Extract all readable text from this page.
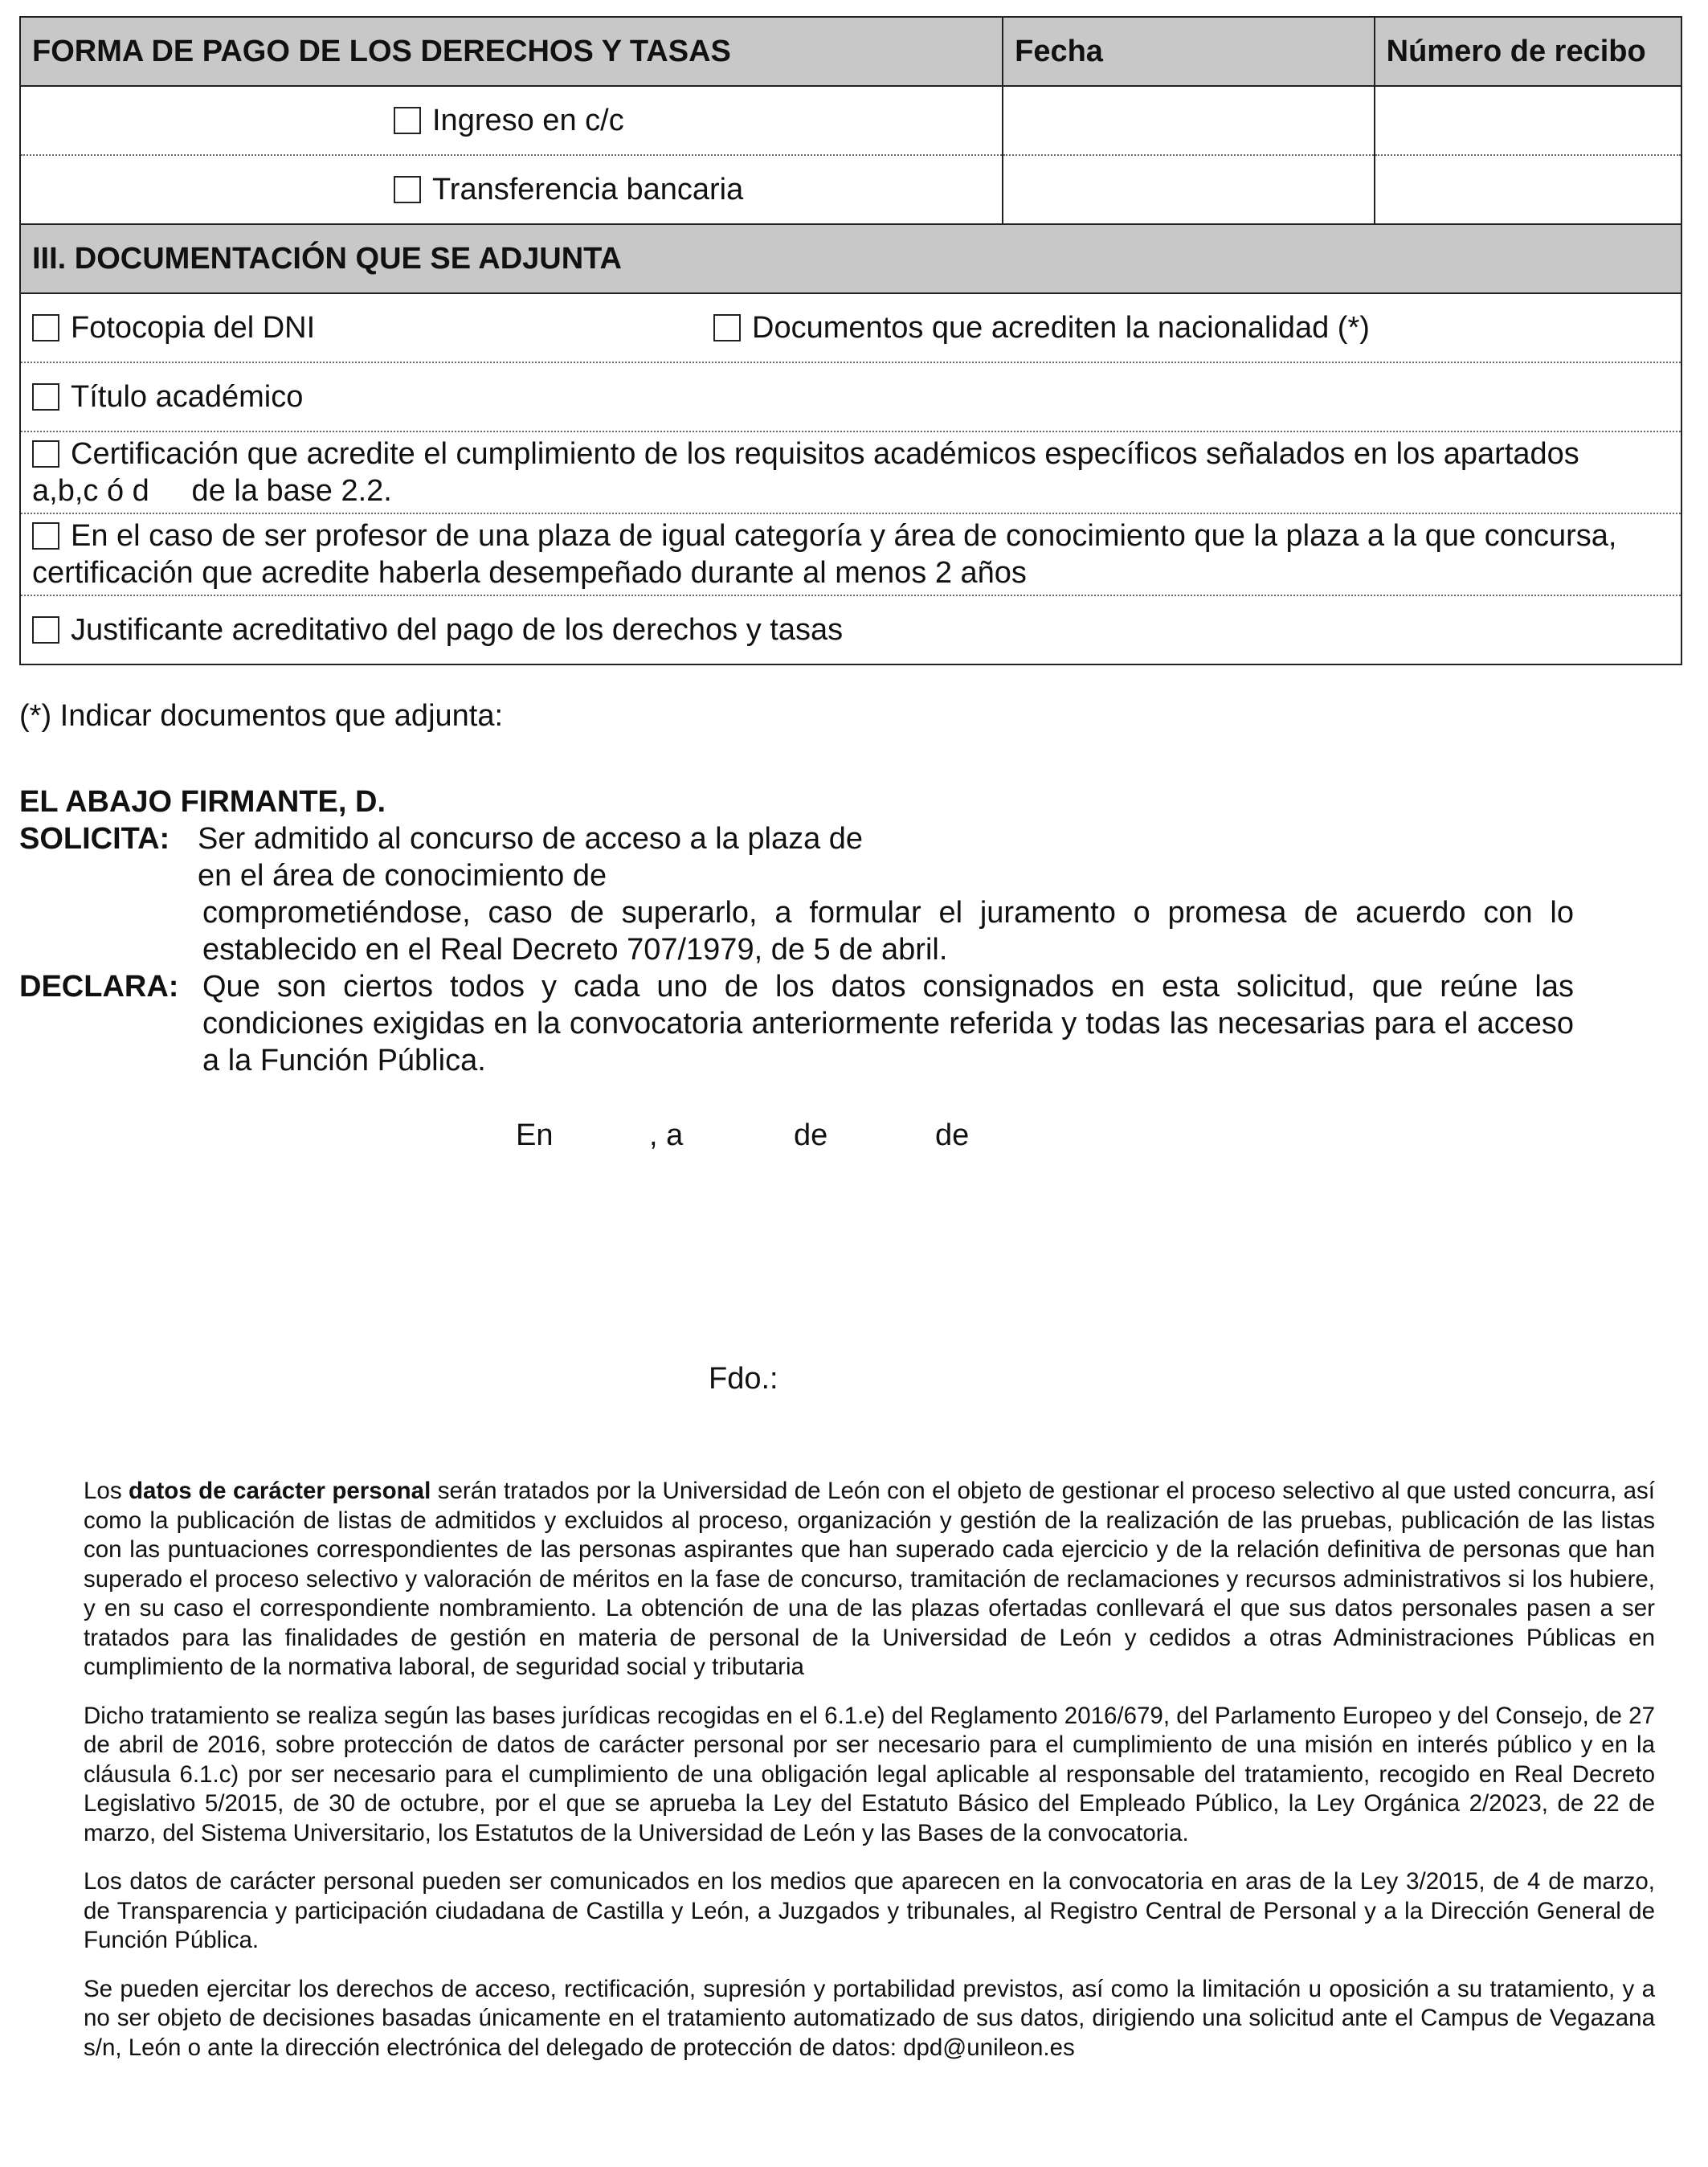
FORMA DE PAGO DE LOS DERECHOS Y TASAS	Fecha	Número de recibo
Ingreso en c/c		
Transferencia bancaria		
III. DOCUMENTACIÓN QUE SE ADJUNTA
Fotocopia del DNI	Documentos que acrediten la nacionalidad (*)
Título académico
Certificación que acredite el cumplimiento de los requisitos académicos específicos señalados en los apartados
a,b,c ó d     de la base 2.2.
En el caso de ser profesor de una plaza de igual categoría y área de conocimiento que la plaza a la que concursa,
certificación que acredite haberla desempeñado durante al menos 2 años
Justificante acreditativo del pago de los derechos y tasas
(*) Indicar documentos que adjunta:
EL ABAJO FIRMANTE, D.
SOLICITA: Ser admitido al concurso de acceso a la plaza de
en el área de conocimiento de
comprometiéndose, caso de superarlo, a formular el juramento o promesa de acuerdo con lo establecido en el Real Decreto 707/1979, de 5 de abril.
DECLARA: Que son ciertos todos y cada uno de los datos consignados en esta solicitud, que reúne las condiciones exigidas en la convocatoria anteriormente referida y todas las necesarias para el acceso a la Función Pública.
En	, a	de	de
Fdo.:

Los datos de carácter personal serán tratados por la Universidad de León con el objeto de gestionar el proceso selectivo al que usted concurra, así como la publicación de listas de admitidos y excluidos al proceso, organización y gestión de la realización de las pruebas, publicación de las listas con las puntuaciones correspondientes de las personas aspirantes que han superado cada ejercicio y de la relación definitiva de personas que han superado el proceso selectivo y valoración de méritos en la fase de concurso, tramitación de reclamaciones y recursos administrativos si los hubiere, y en su caso el correspondiente nombramiento. La obtención de una de las plazas ofertadas conllevará el que sus datos personales pasen a ser tratados para las finalidades de gestión en materia de personal de la Universidad de León y cedidos a otras Administraciones Públicas en cumplimiento de la normativa laboral, de seguridad social y tributaria

Dicho tratamiento se realiza según las bases jurídicas recogidas en el 6.1.e) del Reglamento 2016/679, del Parlamento Europeo y del Consejo, de 27 de abril de 2016, sobre protección de datos de carácter personal por ser necesario para el cumplimiento de una misión en interés público y en la cláusula 6.1.c) por ser necesario para el cumplimiento de una obligación legal aplicable al responsable del tratamiento, recogido en Real Decreto Legislativo 5/2015, de 30 de octubre, por el que se aprueba la Ley del Estatuto Básico del Empleado Público, la Ley Orgánica 2/2023, de 22 de marzo, del Sistema Universitario, los Estatutos de la Universidad de León y las Bases de la convocatoria.

Los datos de carácter personal pueden ser comunicados en los medios que aparecen en la convocatoria en aras de la Ley 3/2015, de 4 de marzo, de Transparencia y participación ciudadana de Castilla y León, a Juzgados y tribunales, al Registro Central de Personal y a la Dirección General de Función Pública.

Se pueden ejercitar los derechos de acceso, rectificación, supresión y portabilidad previstos, así como la limitación u oposición a su tratamiento, y a no ser objeto de decisiones basadas únicamente en el tratamiento automatizado de sus datos, dirigiendo una solicitud ante el Campus de Vegazana s/n, León o ante la dirección electrónica del delegado de protección de datos: dpd@unileon.es
